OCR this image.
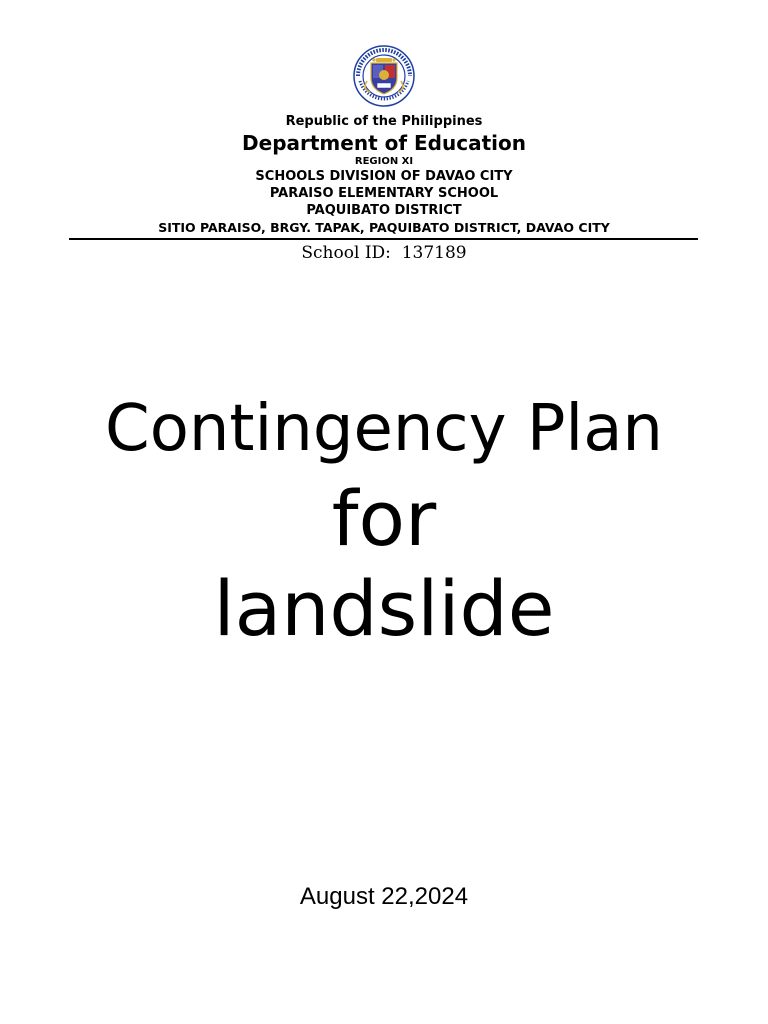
Republic of the Philippines
Department of Education
REGION XI
SCHOOLS DIVISION OF DAVAO CITY
PARAISO ELEMENTARY SCHOOL
PAQUIBATO DISTRICT
SITIO PARAISO, BRGY. TAPAK, PAQUIBATO DISTRICT, DAVAO CITY
School ID:  137189
Contingency Plan
for
landslide
August 22,2024
